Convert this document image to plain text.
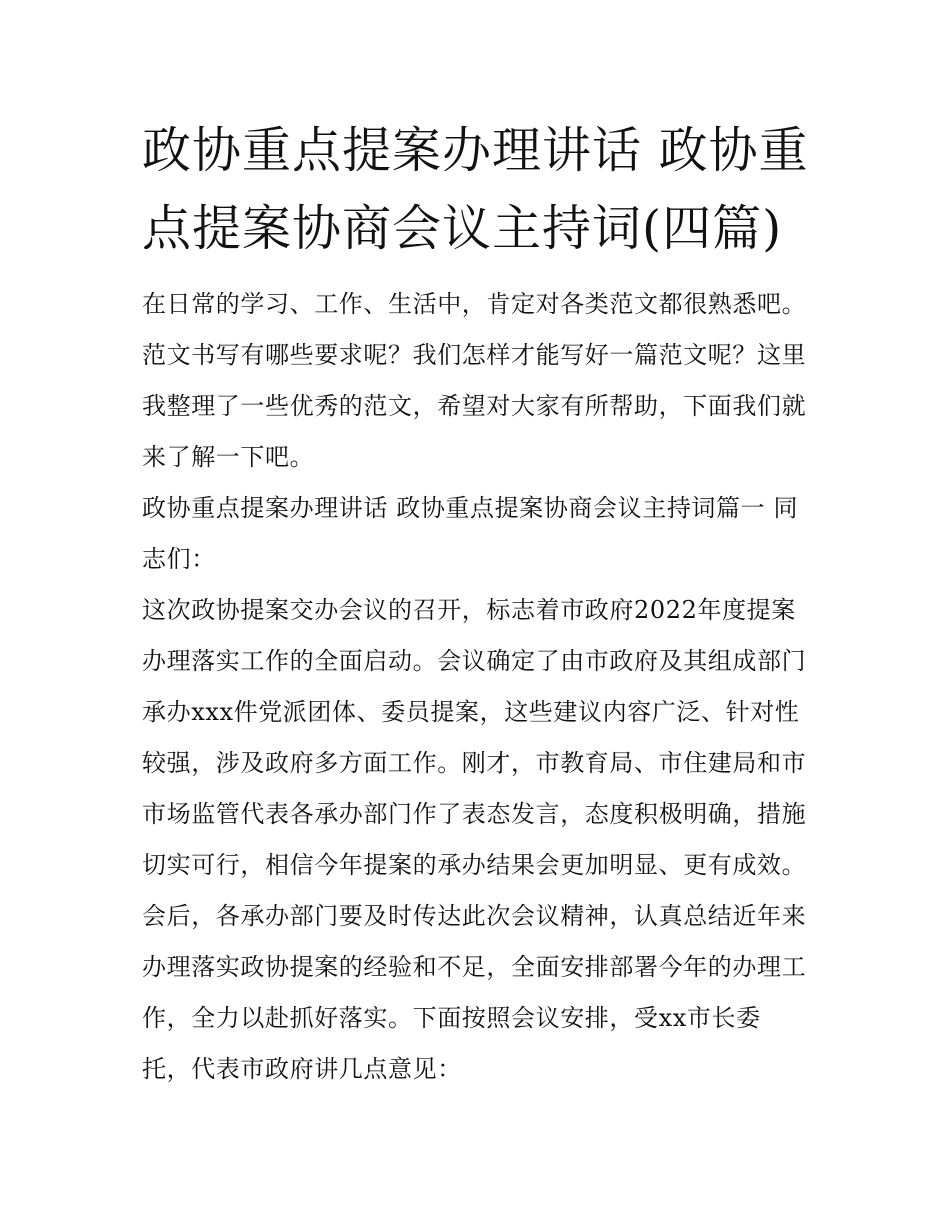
政协重点提案办理讲话 政协重
点提案协商会议主持词(四篇)
在日常的学习、工作、生活中，肯定对各类范文都很熟悉吧。
范文书写有哪些要求呢？我们怎样才能写好一篇范文呢？这里
我整理了一些优秀的范文，希望对大家有所帮助，下面我们就
来了解一下吧。
政协重点提案办理讲话 政协重点提案协商会议主持词篇一 同
志们：
这次政协提案交办会议的召开，标志着市政府2022年度提案
办理落实工作的全面启动。会议确定了由市政府及其组成部门
承办xxx件党派团体、委员提案，这些建议内容广泛、针对性
较强，涉及政府多方面工作。刚才，市教育局、市住建局和市
市场监管代表各承办部门作了表态发言，态度积极明确，措施
切实可行，相信今年提案的承办结果会更加明显、更有成效。
会后，各承办部门要及时传达此次会议精神，认真总结近年来
办理落实政协提案的经验和不足，全面安排部署今年的办理工
作，全力以赴抓好落实。下面按照会议安排，受xx市长委
托，代表市政府讲几点意见：
